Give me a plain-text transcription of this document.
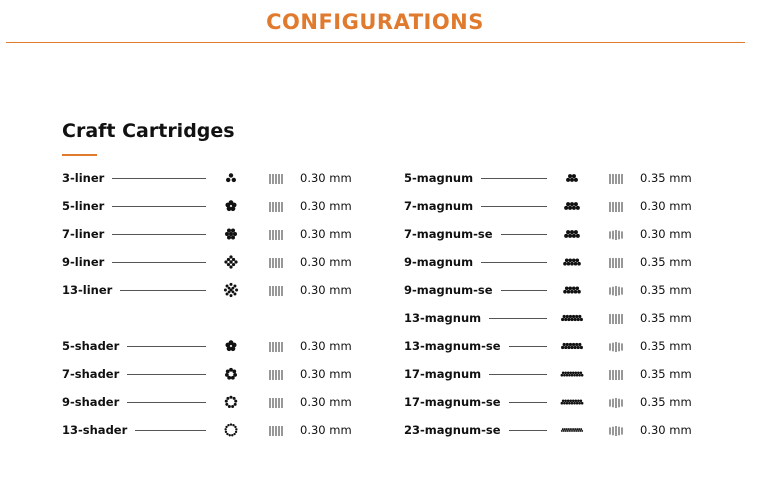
CONFIGURATIONS
Craft Cartridges
3-liner	0.30 mm
5-liner	0.30 mm
7-liner	0.30 mm
9-liner	0.30 mm
13-liner	0.30 mm
5-shader	0.30 mm
7-shader	0.30 mm
9-shader	0.30 mm
13-shader	0.30 mm
5-magnum	0.35 mm
7-magnum	0.30 mm
7-magnum-se	0.30 mm
9-magnum	0.35 mm
9-magnum-se	0.35 mm
13-magnum	0.35 mm
13-magnum-se	0.35 mm
17-magnum	0.35 mm
17-magnum-se	0.35 mm
23-magnum-se	0.30 mm
